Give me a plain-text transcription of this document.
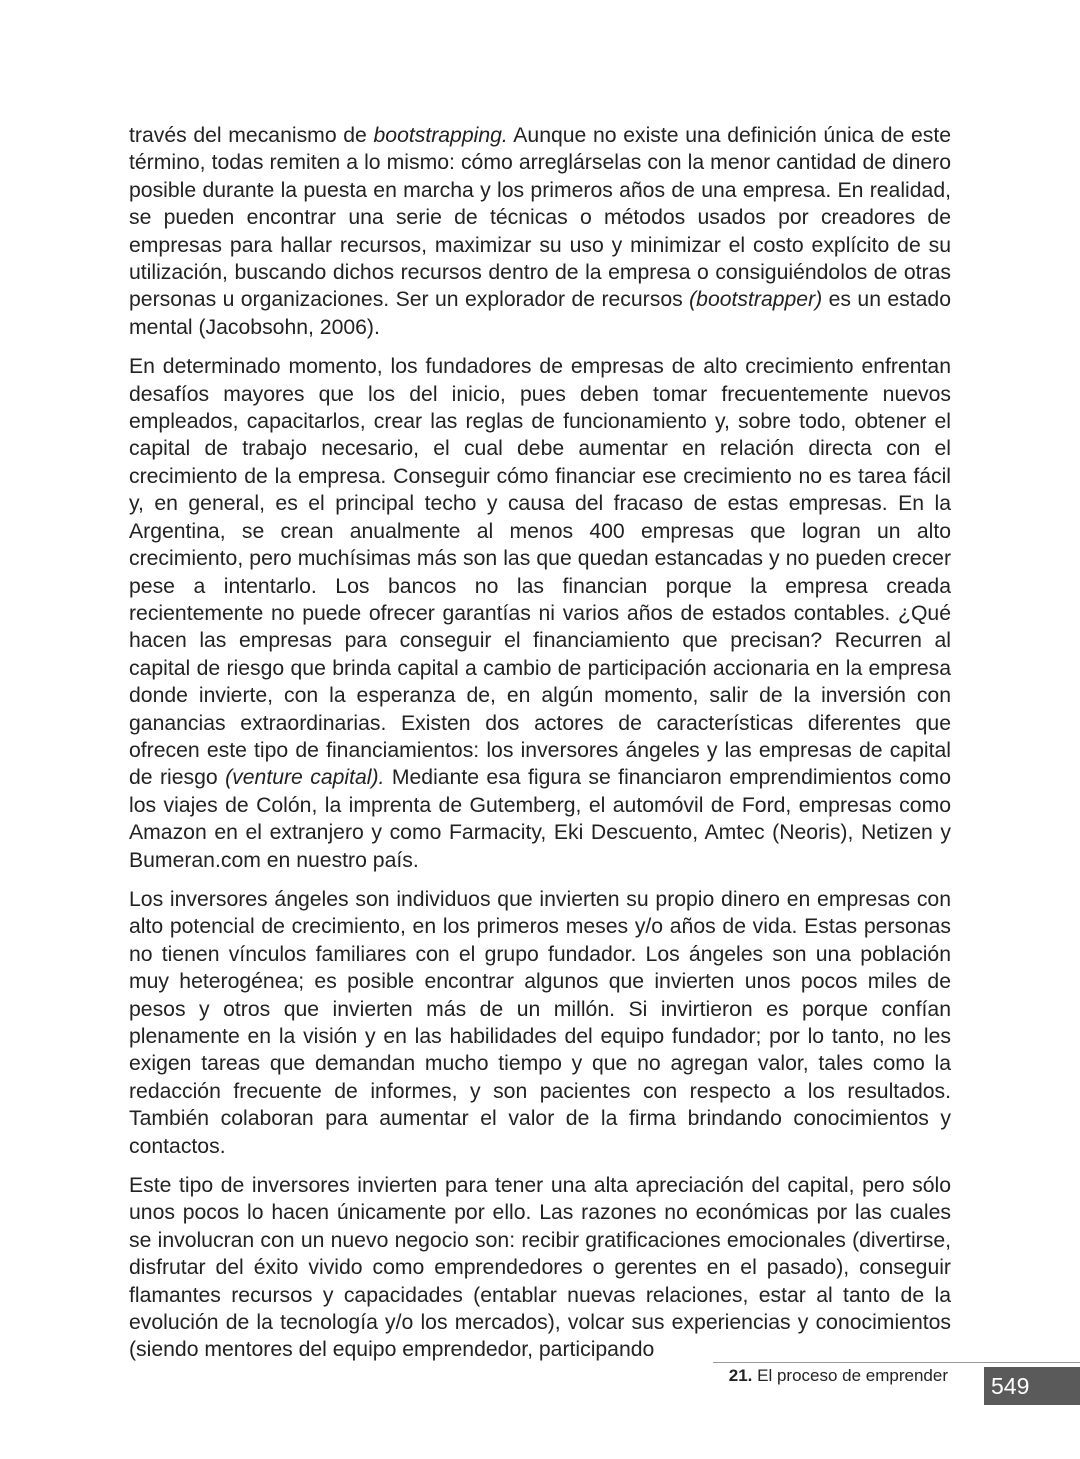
través del mecanismo de bootstrapping. Aunque no existe una definición única de este término, todas remiten a lo mismo: cómo arreglárselas con la menor cantidad de dinero posible durante la puesta en marcha y los primeros años de una empresa. En realidad, se pueden encontrar una serie de técnicas o métodos usados por creadores de empresas para hallar recursos, maximizar su uso y minimizar el costo explícito de su utilización, buscando dichos recursos dentro de la empresa o consiguiéndolos de otras personas u organizaciones. Ser un explorador de recursos (bootstrapper) es un estado mental (Jacobsohn, 2006).

En determinado momento, los fundadores de empresas de alto crecimiento enfrentan desafíos mayores que los del inicio, pues deben tomar frecuentemente nuevos empleados, capacitarlos, crear las reglas de funcionamiento y, sobre todo, obtener el capital de trabajo necesario, el cual debe aumentar en relación directa con el crecimiento de la empresa. Conseguir cómo financiar ese crecimiento no es tarea fácil y, en general, es el principal techo y causa del fracaso de estas empresas. En la Argentina, se crean anualmente al menos 400 empresas que logran un alto crecimiento, pero muchísimas más son las que quedan estancadas y no pueden crecer pese a intentarlo. Los bancos no las financian porque la empresa creada recientemente no puede ofrecer garantías ni varios años de estados contables. ¿Qué hacen las empresas para conseguir el financiamiento que precisan? Recurren al capital de riesgo que brinda capital a cambio de participación accionaria en la empresa donde invierte, con la esperanza de, en algún momento, salir de la inversión con ganancias extraordinarias. Existen dos actores de características diferentes que ofrecen este tipo de financiamientos: los inversores ángeles y las empresas de capital de riesgo (venture capital). Mediante esa figura se financiaron emprendimientos como los viajes de Colón, la imprenta de Gutemberg, el automóvil de Ford, empresas como Amazon en el extranjero y como Farmacity, Eki Descuento, Amtec (Neoris), Netizen y Bumeran.com en nuestro país.

Los inversores ángeles son individuos que invierten su propio dinero en empresas con alto potencial de crecimiento, en los primeros meses y/o años de vida. Estas personas no tienen vínculos familiares con el grupo fundador. Los ángeles son una población muy heterogénea; es posible encontrar algunos que invierten unos pocos miles de pesos y otros que invierten más de un millón. Si invirtieron es porque confían plenamente en la visión y en las habilidades del equipo fundador; por lo tanto, no les exigen tareas que demandan mucho tiempo y que no agregan valor, tales como la redacción frecuente de informes, y son pacientes con respecto a los resultados. También colaboran para aumentar el valor de la firma brindando conocimientos y contactos.

Este tipo de inversores invierten para tener una alta apreciación del capital, pero sólo unos pocos lo hacen únicamente por ello. Las razones no económicas por las cuales se involucran con un nuevo negocio son: recibir gratificaciones emocionales (divertirse, disfrutar del éxito vivido como emprendedores o gerentes en el pasado), conseguir flamantes recursos y capacidades (entablar nuevas relaciones, estar al tanto de la evolución de la tecnología y/o los mercados), volcar sus experiencias y conocimientos (siendo mentores del equipo emprendedor, participando

21. El proceso de emprender	549
